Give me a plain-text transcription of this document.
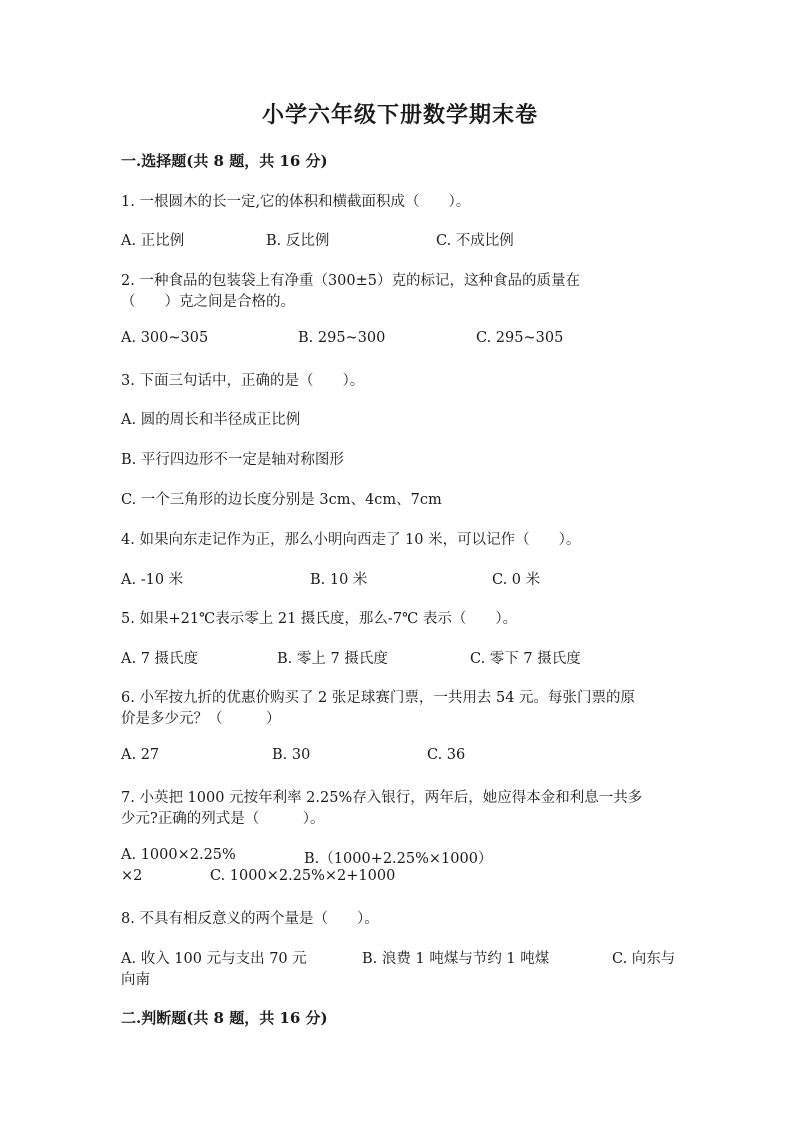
小学六年级下册数学期末卷
一.选择题(共 8 题，共 16 分)
1. 一根圆木的长一定,它的体积和横截面积成（　　）。
A. 正比例	B. 反比例	C. 不成比例
2. 一种食品的包装袋上有净重（300±5）克的标记，这种食品的质量在
（　　）克之间是合格的。
A. 300~305	B. 295~300	C. 295~305
3. 下面三句话中，正确的是（　　）。
A. 圆的周长和半径成正比例
B. 平行四边形不一定是轴对称图形
C. 一个三角形的边长度分别是 3cm、4cm、7cm
4. 如果向东走记作为正，那么小明向西走了 10 米，可以记作（　　）。
A. -10 米	B. 10 米	C. 0 米
5. 如果+21℃表示零上 21 摄氏度，那么-7℃ 表示（　　）。
A. 7 摄氏度	B. 零上 7 摄氏度	C. 零下 7 摄氏度
6. 小军按九折的优惠价购买了 2 张足球赛门票，一共用去 54 元。每张门票的原
价是多少元？（　　　）
A. 27	B. 30	C. 36
7. 小英把 1000 元按年利率 2.25%存入银行，两年后，她应得本金和利息一共多
少元?正确的列式是（　　　）。
A. 1000×2.25%	B.（1000+2.25%×1000）
×2	C. 1000×2.25%×2+1000
8. 不具有相反意义的两个量是（　　）。
A. 收入 100 元与支出 70 元	B. 浪费 1 吨煤与节约 1 吨煤	C. 向东与
向南
二.判断题(共 8 题，共 16 分)
